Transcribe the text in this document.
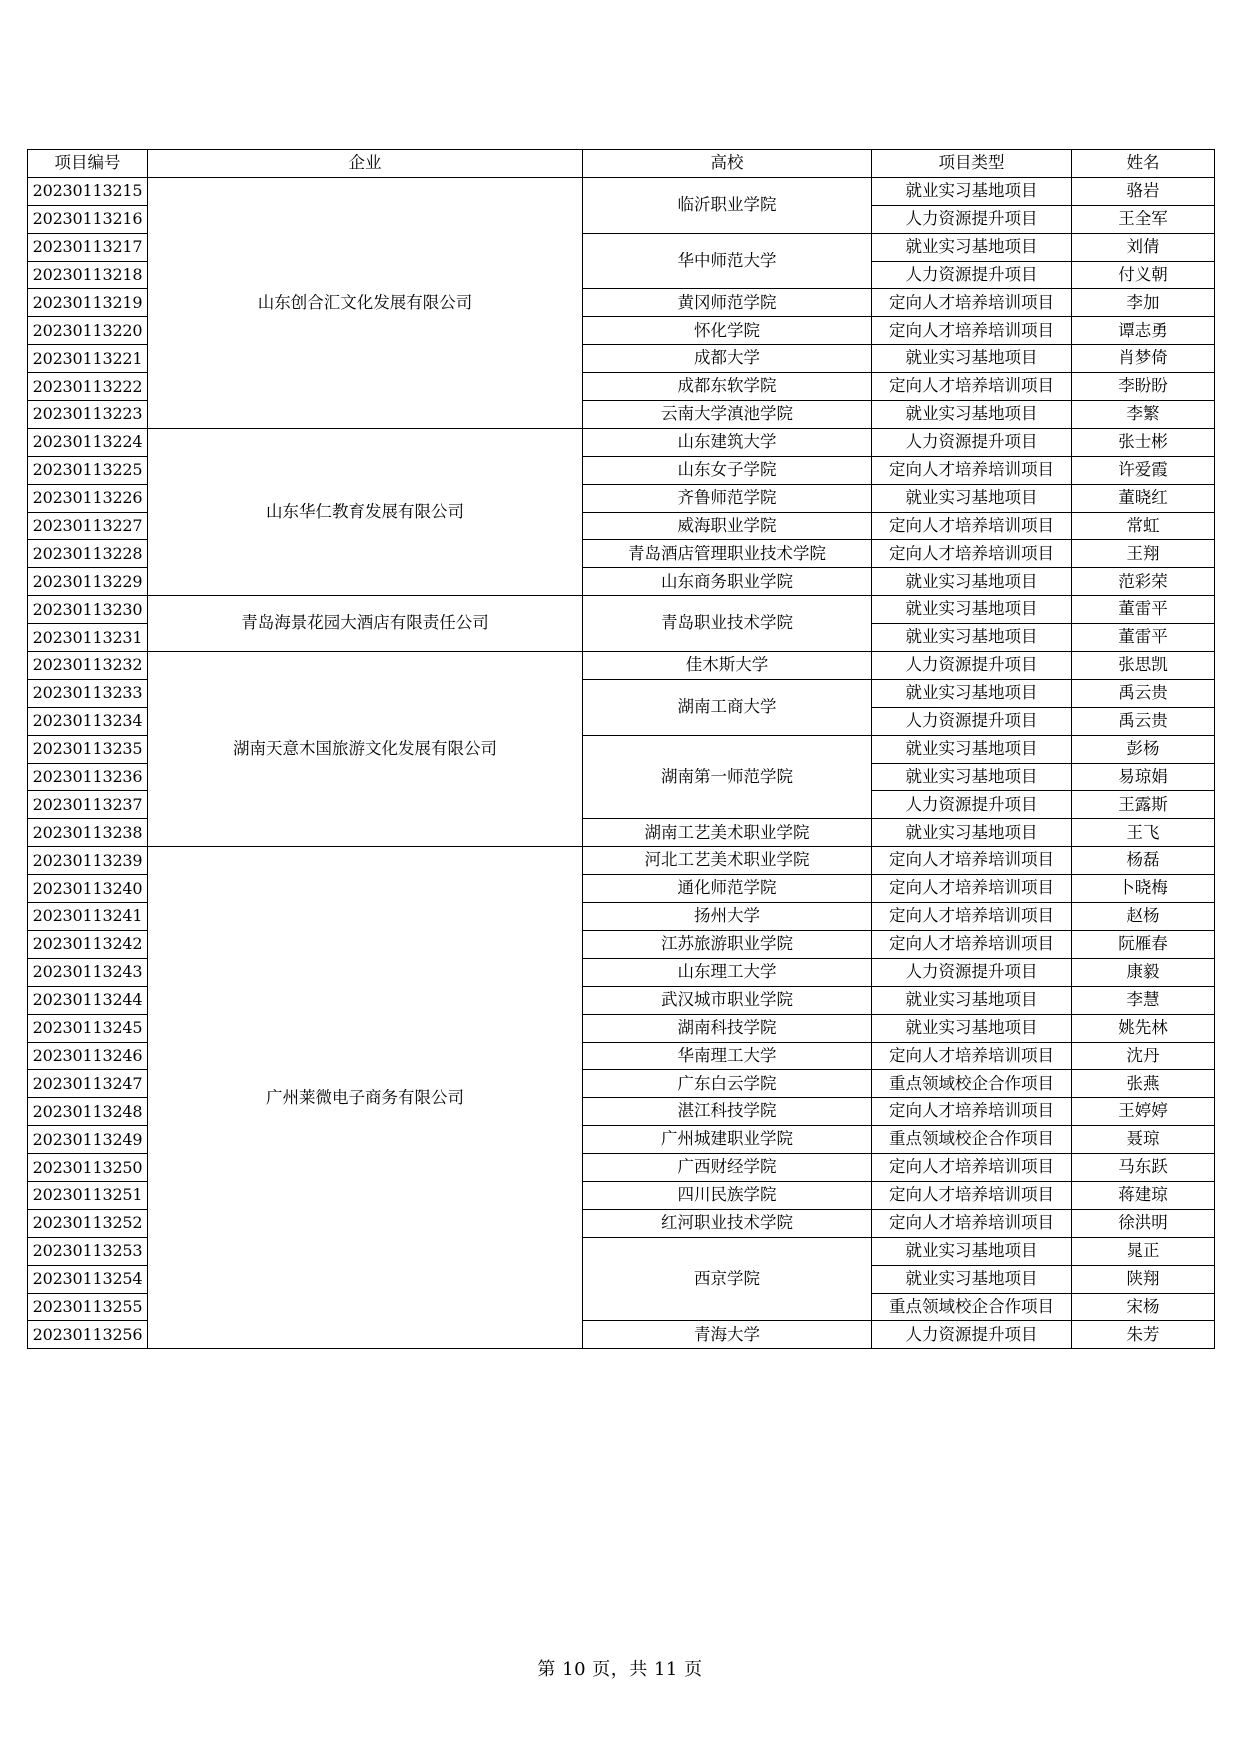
项目编号	企业	高校	项目类型	姓名
20230113215	山东创合汇文化发展有限公司	临沂职业学院	就业实习基地项目	骆岩
20230113216			人力资源提升项目	王全军
20230113217		华中师范大学	就业实习基地项目	刘倩
20230113218			人力资源提升项目	付义朝
20230113219		黄冈师范学院	定向人才培养培训项目	李加
20230113220		怀化学院	定向人才培养培训项目	谭志勇
20230113221		成都大学	就业实习基地项目	肖梦倚
20230113222		成都东软学院	定向人才培养培训项目	李盼盼
20230113223		云南大学滇池学院	就业实习基地项目	李繁
20230113224	山东华仁教育发展有限公司	山东建筑大学	人力资源提升项目	张士彬
20230113225		山东女子学院	定向人才培养培训项目	许爱霞
20230113226		齐鲁师范学院	就业实习基地项目	董晓红
20230113227		威海职业学院	定向人才培养培训项目	常虹
20230113228		青岛酒店管理职业技术学院	定向人才培养培训项目	王翔
20230113229		山东商务职业学院	就业实习基地项目	范彩荣
20230113230	青岛海景花园大酒店有限责任公司	青岛职业技术学院	就业实习基地项目	董雷平
20230113231			就业实习基地项目	董雷平
20230113232	湖南天意木国旅游文化发展有限公司	佳木斯大学	人力资源提升项目	张思凯
20230113233		湖南工商大学	就业实习基地项目	禹云贵
20230113234			人力资源提升项目	禹云贵
20230113235		湖南第一师范学院	就业实习基地项目	彭杨
20230113236			就业实习基地项目	易琼娟
20230113237			人力资源提升项目	王露斯
20230113238		湖南工艺美术职业学院	就业实习基地项目	王飞
20230113239	广州莱微电子商务有限公司	河北工艺美术职业学院	定向人才培养培训项目	杨磊
20230113240		通化师范学院	定向人才培养培训项目	卜晓梅
20230113241		扬州大学	定向人才培养培训项目	赵杨
20230113242		江苏旅游职业学院	定向人才培养培训项目	阮雁春
20230113243		山东理工大学	人力资源提升项目	康毅
20230113244		武汉城市职业学院	就业实习基地项目	李慧
20230113245		湖南科技学院	就业实习基地项目	姚先林
20230113246		华南理工大学	定向人才培养培训项目	沈丹
20230113247		广东白云学院	重点领域校企合作项目	张燕
20230113248		湛江科技学院	定向人才培养培训项目	王婷婷
20230113249		广州城建职业学院	重点领域校企合作项目	聂琼
20230113250		广西财经学院	定向人才培养培训项目	马东跃
20230113251		四川民族学院	定向人才培养培训项目	蒋建琼
20230113252		红河职业技术学院	定向人才培养培训项目	徐洪明
20230113253		西京学院	就业实习基地项目	晁正
20230113254			就业实习基地项目	陕翔
20230113255			重点领域校企合作项目	宋杨
20230113256		青海大学	人力资源提升项目	朱芳
第 10 页，共 11 页
